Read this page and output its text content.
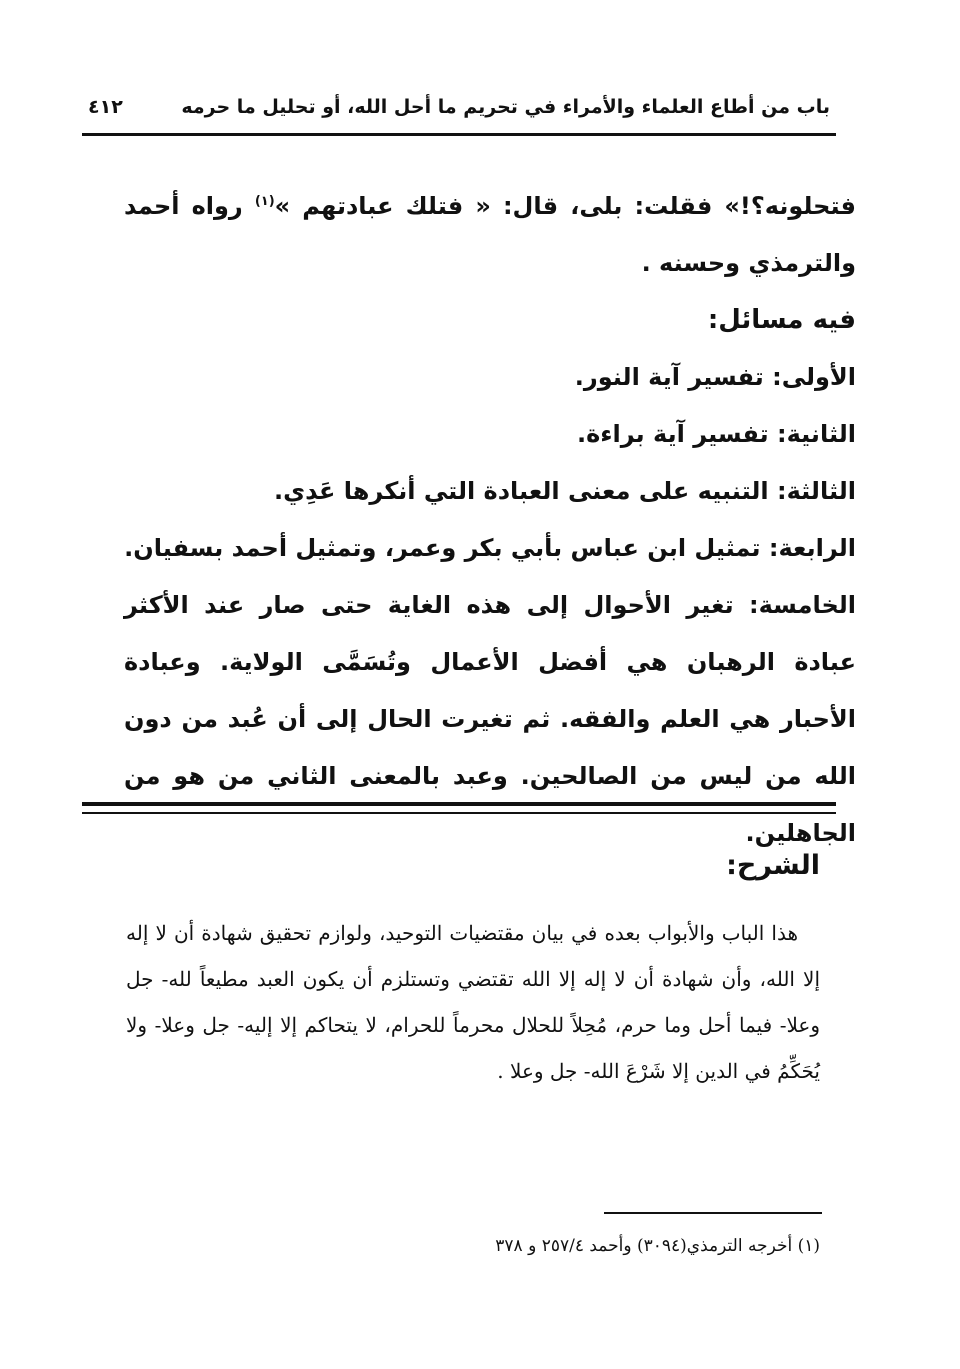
باب من أطاع العلماء والأمراء في تحريم ما أحل الله، أو تحليل ما حرمه
٤١٢

فتحلونه؟!» فقلت: بلى، قال: « فتلك عبادتهم »$^{(١)}$ رواه أحمد والترمذي وحسنه .

فيه مسائل:

الأولى: تفسير آية النور.

الثانية: تفسير آية براءة.

الثالثة: التنبيه على معنى العبادة التي أنكرها عَدِي.

الرابعة: تمثيل ابن عباس بأبي بكر وعمر، وتمثيل أحمد بسفيان.

الخامسة: تغير الأحوال إلى هذه الغاية حتى صار عند الأكثر عبادة الرهبان هي أفضل الأعمال وتُسَمَّى الولاية. وعبادة الأحبار هي العلم والفقه. ثم تغيرت الحال إلى أن عُبد من دون الله من ليس من الصالحين. وعبد بالمعنى الثاني من هو من الجاهلين.

الشرح:

هذا الباب والأبواب بعده في بيان مقتضيات التوحيد، ولوازم تحقيق شهادة أن لا إله إلا الله، وأن شهادة أن لا إله إلا الله تقتضي وتستلزم أن يكون العبد مطيعاً لله- جل وعلا- فيما أحل وما حرم، مُحِلاً للحلال محرماً للحرام، لا يتحاكم إلا إليه- جل وعلا- ولا يُحَكِّمُ في الدين إلا شَرْعَ الله- جل وعلا .

(١) أخرجه الترمذي(٣٠٩٤) وأحمد ٢٥٧/٤ و ٣٧٨
